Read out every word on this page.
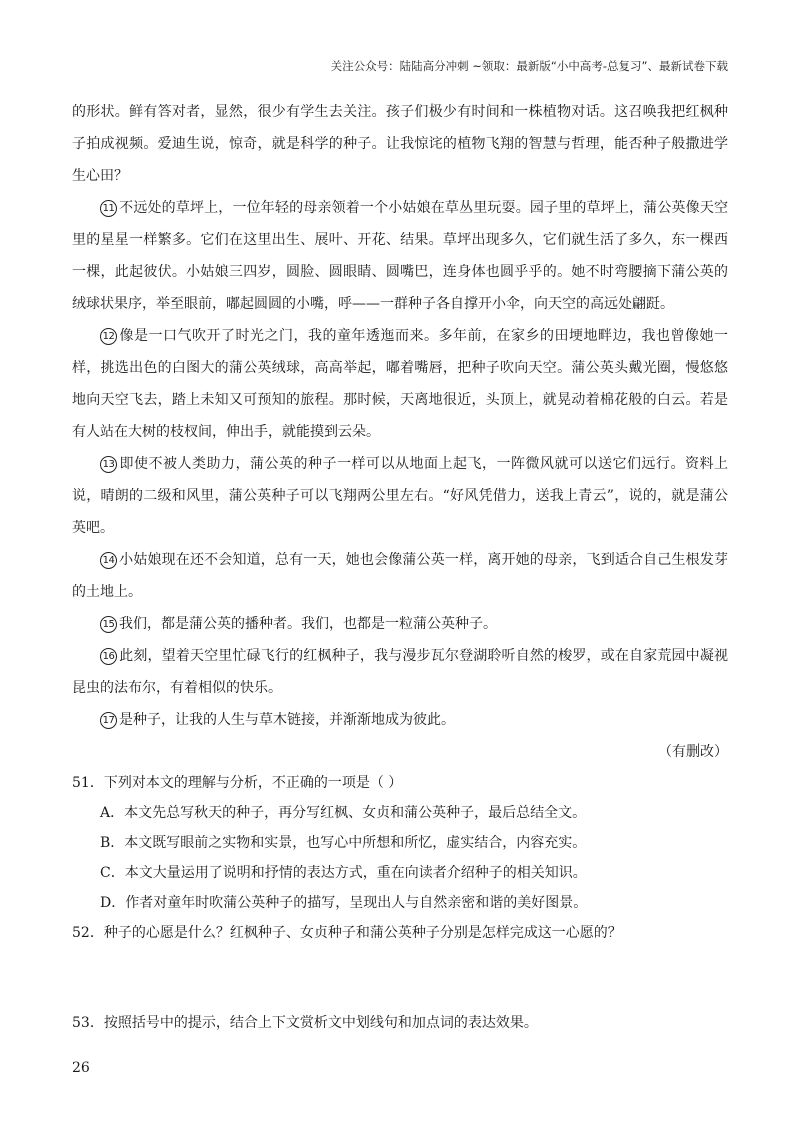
关注公众号：陆陆高分冲刺 ~领取：最新版“小中高考-总复习”、最新试卷下载

的形状。鲜有答对者，显然，很少有学生去关注。孩子们极少有时间和一株植物对话。这召唤我把红枫种子拍成视频。爱迪生说，惊奇，就是科学的种子。让我惊诧的植物飞翔的智慧与哲理，能否种子般撒进学生心田？

11 不远处的草坪上，一位年轻的母亲领着一个小姑娘在草丛里玩耍。园子里的草坪上，蒲公英像天空里的星星一样繁多。它们在这里出生、展叶、开花、结果。草坪出现多久，它们就生活了多久，东一棵西一棵，此起彼伏。小姑娘三四岁，圆脸、圆眼睛、圆嘴巴，连身体也圆乎乎的。她不时弯腰摘下蒲公英的绒球状果序，举至眼前，嘟起圆圆的小嘴，呼——一群种子各自撑开小伞，向天空的高远处翩跹。

12 像是一口气吹开了时光之门，我的童年透迤而来。多年前，在家乡的田埂地畔边，我也曾像她一样，挑选出色的白图大的蒲公英绒球，高高举起，嘟着嘴唇，把种子吹向天空。蒲公英头戴光圈，慢悠悠地向天空飞去，踏上未知又可预知的旅程。那时候，天离地很近，头顶上，就晃动着棉花般的白云。若是有人站在大树的枝杈间，伸出手，就能摸到云朵。

13 即使不被人类助力，蒲公英的种子一样可以从地面上起飞，一阵微风就可以送它们远行。资料上说，晴朗的二级和风里，蒲公英种子可以飞翔两公里左右。“好风凭借力，送我上青云”，说的，就是蒲公英吧。

14 小姑娘现在还不会知道，总有一天，她也会像蒲公英一样，离开她的母亲，飞到适合自己生根发芽的土地上。

15 我们，都是蒲公英的播种者。我们，也都是一粒蒲公英种子。

16 此刻，望着天空里忙碌飞行的红枫种子，我与漫步瓦尔登湖聆听自然的梭罗，或在自家荒园中凝视昆虫的法布尔，有着相似的快乐。

17 是种子，让我的人生与草木链接，并渐渐地成为彼此。

（有删改）

51．下列对本文的理解与分析，不正确的一项是（ ）

A．本文先总写秋天的种子，再分写红枫、女贞和蒲公英种子，最后总结全文。

B．本文既写眼前之实物和实景，也写心中所想和所忆，虚实结合，内容充实。

C．本文大量运用了说明和抒情的表达方式，重在向读者介绍种子的相关知识。

D．作者对童年时吹蒲公英种子的描写，呈现出人与自然亲密和谐的美好图景。

52．种子的心愿是什么？红枫种子、女贞种子和蒲公英种子分别是怎样完成这一心愿的？

53．按照括号中的提示，结合上下文赏析文中划线句和加点词的表达效果。

26
